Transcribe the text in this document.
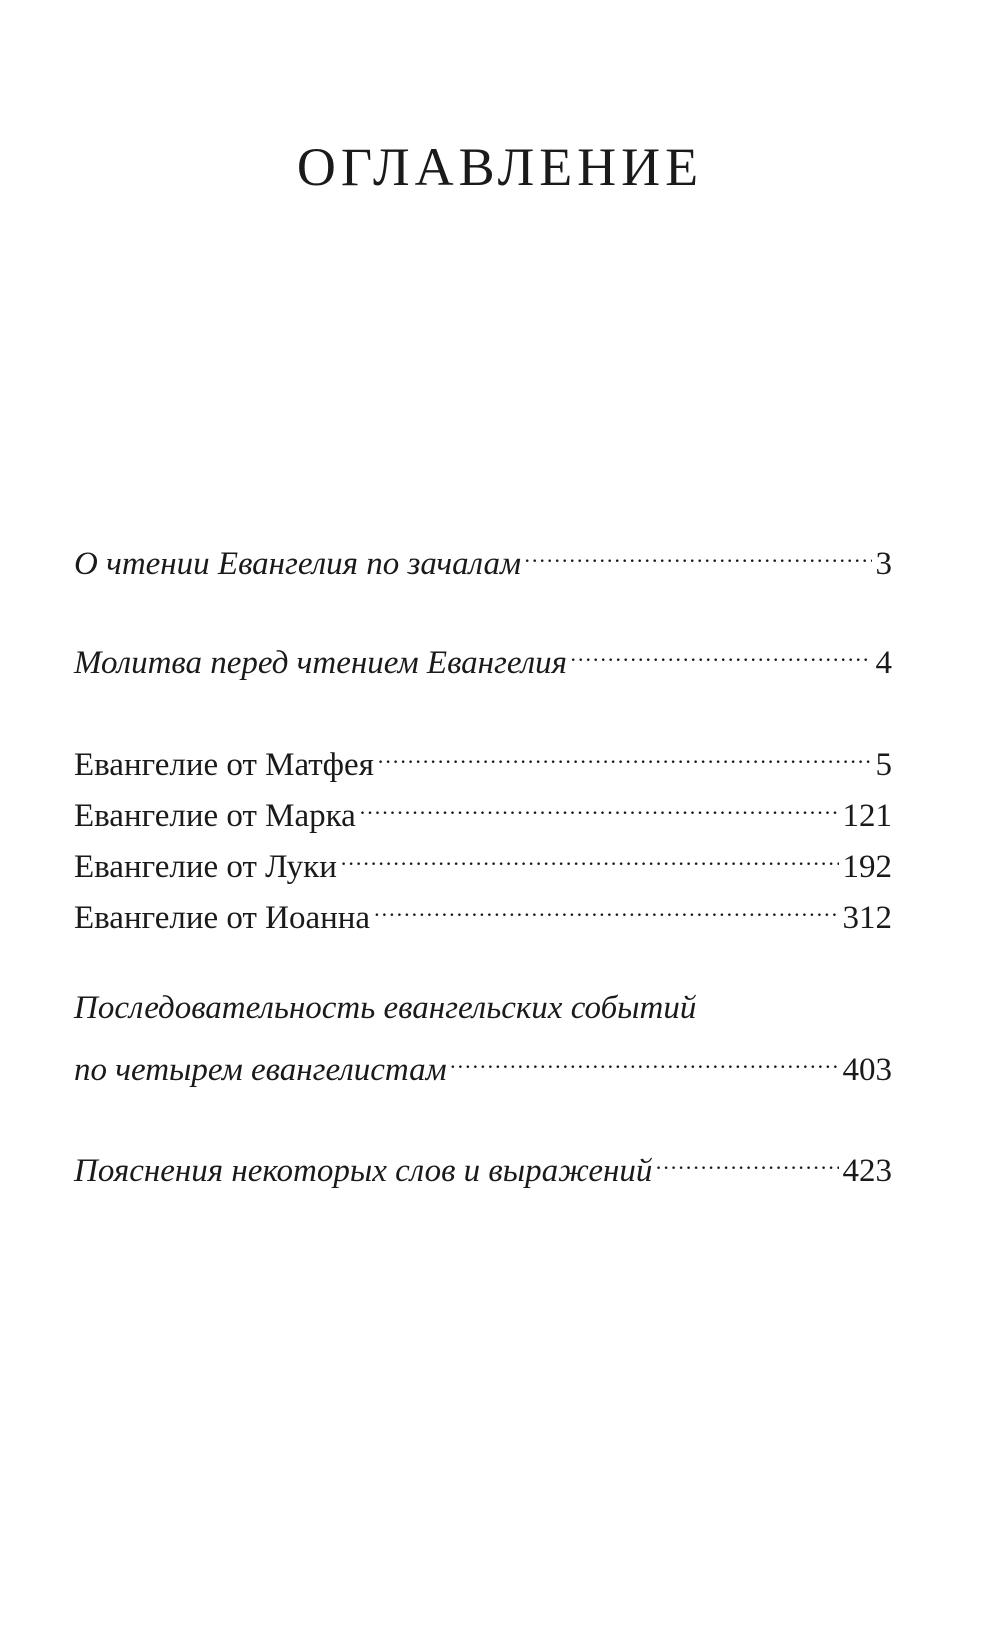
ОГЛАВЛЕНИЕ
О чтении Евангелия по зачалам .....	3
Молитва перед чтением Евангелия .....	4
Евангелие от Матфея .....	5
Евангелие от Марка .....	121
Евангелие от Луки .....	192
Евангелие от Иоанна .....	312
Последовательность евангельских событий
по четырем евангелистам .....	403
Пояснения некоторых слов и выражений .....	423
